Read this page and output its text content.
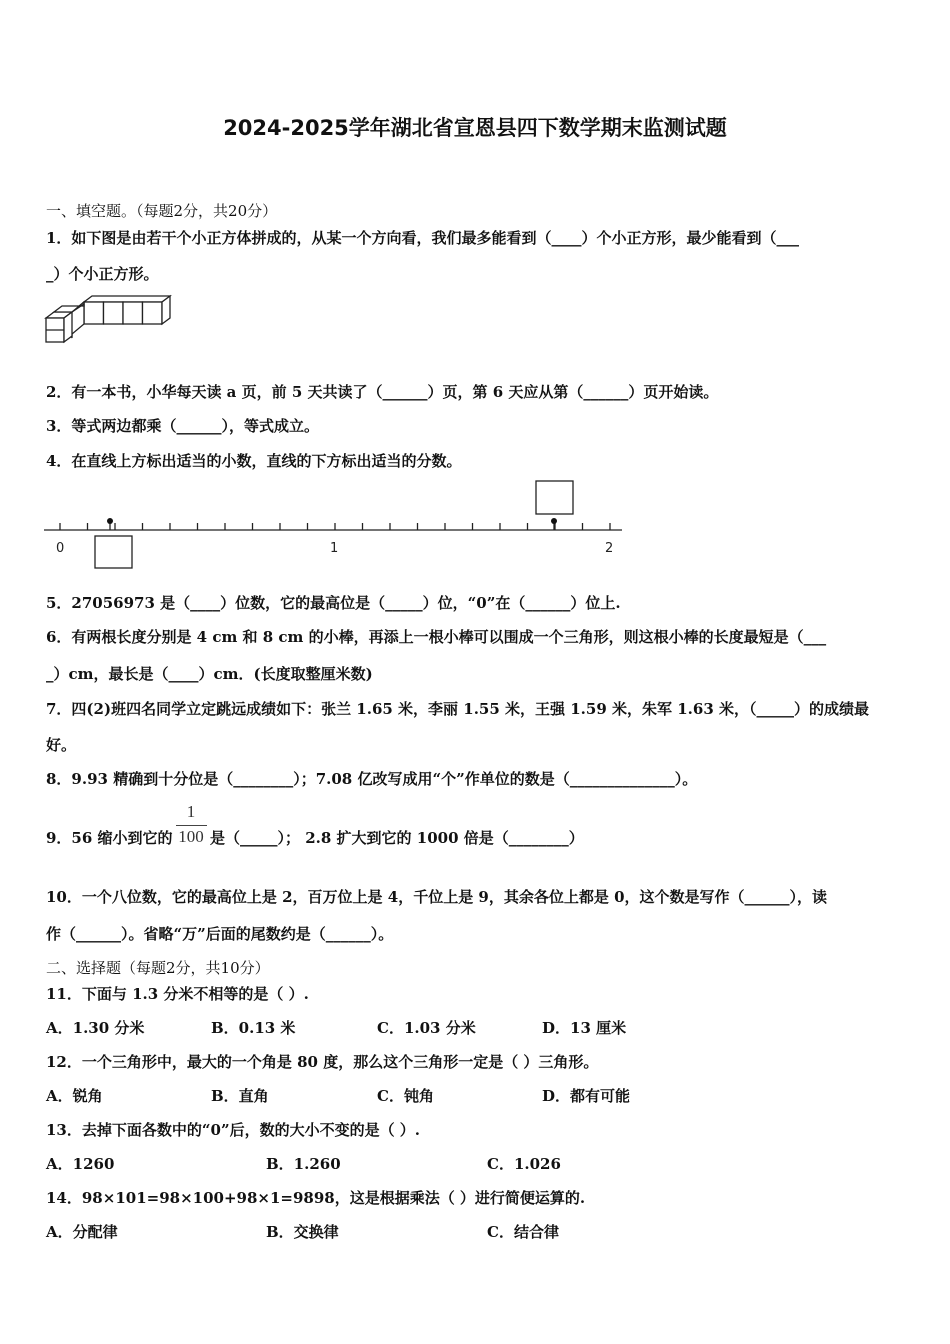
2024-2025学年湖北省宣恩县四下数学期末监测试题
一、填空题。（每题2分，共20分）
1．如下图是由若干个小正方体拼成的，从某一个方向看，我们最多能看到（____）个小正方形，最少能看到（___
_）个小正方形。
2．有一本书，小华每天读 a 页，前 5 天共读了（______）页，第 6 天应从第（______）页开始读。
3．等式两边都乘（______），等式成立。
4．在直线上方标出适当的小数，直线的下方标出适当的分数。
0	1	2
5．27056973 是（____）位数，它的最高位是（_____）位，“0”在（______）位上.
6．有两根长度分别是 4 cm 和 8 cm 的小棒，再添上一根小棒可以围成一个三角形，则这根小棒的长度最短是（___
_）cm，最长是（____）cm．(长度取整厘米数)
7．四(2)班四名同学立定跳远成绩如下：张兰 1.65 米，李丽 1.55 米，王强 1.59 米，朱军 1.63 米，（_____）的成绩最
好。
8．9.93 精确到十分位是（________）；7.08 亿改写成用“个”作单位的数是（______________）。
9．56 缩小到它的
1
100 是（_____）； 2.8 扩大到它的 1000 倍是（________）
10．一个八位数，它的最高位上是 2，百万位上是 4，千位上是 9，其余各位上都是 0，这个数是写作（______），读
作（______）。省略“万”后面的尾数约是（______）。
二、选择题（每题2分，共10分）
11．下面与 1.3 分米不相等的是（ ）.
A．1.30 分米	B．0.13 米	C．1.03 分米	D．13 厘米
12．一个三角形中，最大的一个角是 80 度，那么这个三角形一定是（ ）三角形。
A．锐角	B．直角	C．钝角	D．都有可能
13．去掉下面各数中的“0”后，数的大小不变的是（ ）.
A．1260	B．1.260	C．1.026
14．98×101=98×100+98×1=9898，这是根据乘法（ ）进行简便运算的.
A．分配律	B．交换律	C．结合律
